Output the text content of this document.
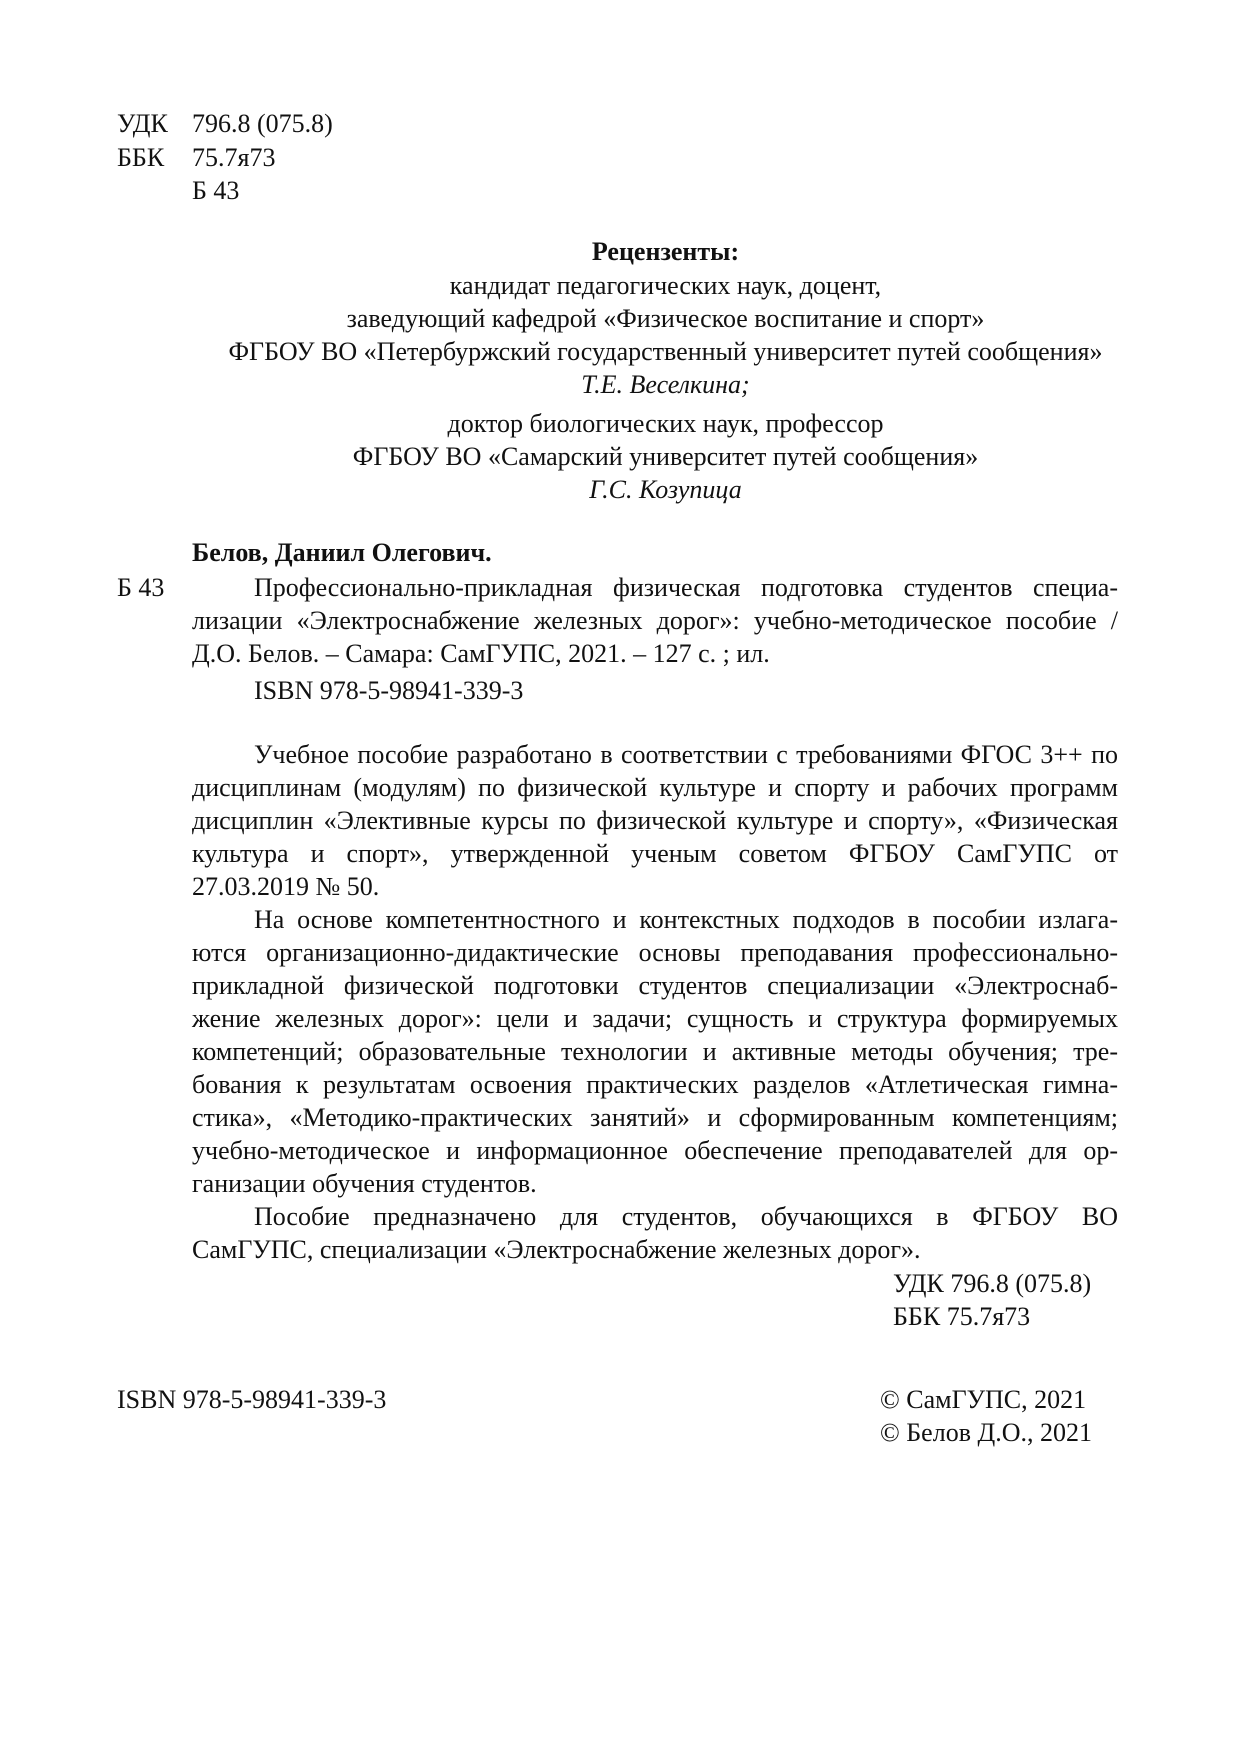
УДК 796.8 (075.8)
ББК 75.7я73
Б 43
Рецензенты:
кандидат педагогических наук, доцент,
заведующий кафедрой «Физическое воспитание и спорт»
ФГБОУ ВО «Петербуржский государственный университет путей сообщения»
Т.Е. Веселкина;
доктор биологических наук, профессор
ФГБОУ ВО «Самарский университет путей сообщения»
Г.С. Козупица
Белов, Даниил Олегович.
Б 43	Профессионально-прикладная физическая подготовка студентов специа-
лизации «Электроснабжение железных дорог»: учебно-методическое пособие /
Д.О. Белов. – Самара: СамГУПС, 2021. – 127 с. ; ил.
ISBN 978-5-98941-339-3
Учебное пособие разработано в соответствии с требованиями ФГОС 3++ по
дисциплинам (модулям) по физической культуре и спорту и рабочих программ
дисциплин «Элективные курсы по физической культуре и спорту», «Физическая
культура и спорт», утвержденной ученым советом ФГБОУ СамГУПС от
27.03.2019 № 50.
На основе компетентностного и контекстных подходов в пособии излага-
ются организационно-дидактические основы преподавания профессионально-
прикладной физической подготовки студентов специализации «Электроснаб-
жение железных дорог»: цели и задачи; сущность и структура формируемых
компетенций; образовательные технологии и активные методы обучения; тре-
бования к результатам освоения практических разделов «Атлетическая гимна-
стика», «Методико-практических занятий» и сформированным компетенциям;
учебно-методическое и информационное обеспечение преподавателей для ор-
ганизации обучения студентов.
Пособие предназначено для студентов, обучающихся в ФГБОУ ВО
СамГУПС, специализации «Электроснабжение железных дорог».
УДК 796.8 (075.8)
ББК 75.7я73
ISBN 978-5-98941-339-3	© СамГУПС, 2021
© Белов Д.О., 2021
